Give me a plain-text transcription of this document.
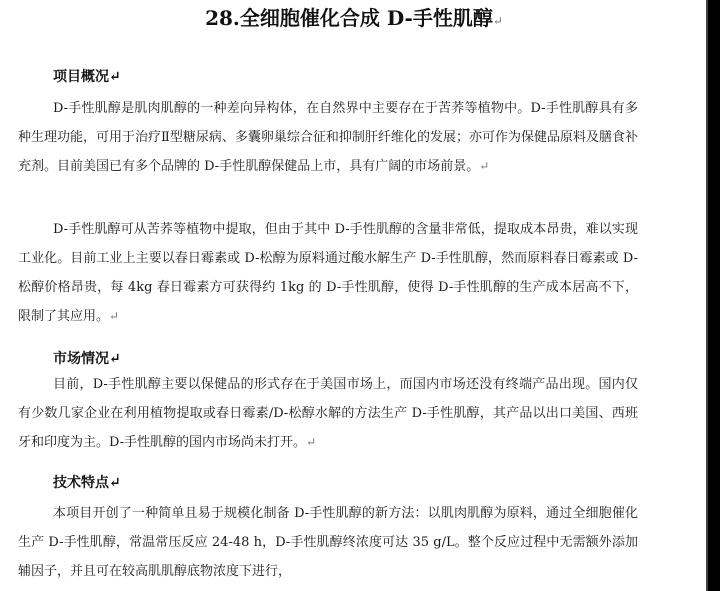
28.全细胞催化合成 D-手性肌醇↵
项目概况↵
D-手性肌醇是肌肉肌醇的一种差向异构体，在自然界中主要存在于苦荞等植物中。D-手性肌醇具有多种生理功能，可用于治疗Ⅱ型糖尿病、多囊卵巢综合征和抑制肝纤维化的发展；亦可作为保健品原料及膳食补充剂。目前美国已有多个品牌的 D-手性肌醇保健品上市，具有广阔的市场前景。↵
D-手性肌醇可从苦荞等植物中提取，但由于其中 D-手性肌醇的含量非常低，提取成本昂贵，难以实现工业化。目前工业上主要以春日霉素或 D-松醇为原料通过酸水解生产 D-手性肌醇，然而原料春日霉素或 D-松醇价格昂贵，每 4kg 春日霉素方可获得约 1kg 的 D-手性肌醇，使得 D-手性肌醇的生产成本居高不下，限制了其应用。↵
市场情况↵
目前，D-手性肌醇主要以保健品的形式存在于美国市场上，而国内市场还没有终端产品出现。国内仅有少数几家企业在利用植物提取或春日霉素/D-松醇水解的方法生产 D-手性肌醇，其产品以出口美国、西班牙和印度为主。D-手性肌醇的国内市场尚未打开。↵
技术特点↵
本项目开创了一种简单且易于规模化制备 D-手性肌醇的新方法：以肌肉肌醇为原料，通过全细胞催化生产 D-手性肌醇，常温常压反应 24-48 h，D-手性肌醇终浓度可达 35 g/L。整个反应过程中无需额外添加辅因子，并且可在较高肌肌醇底物浓度下进行，
